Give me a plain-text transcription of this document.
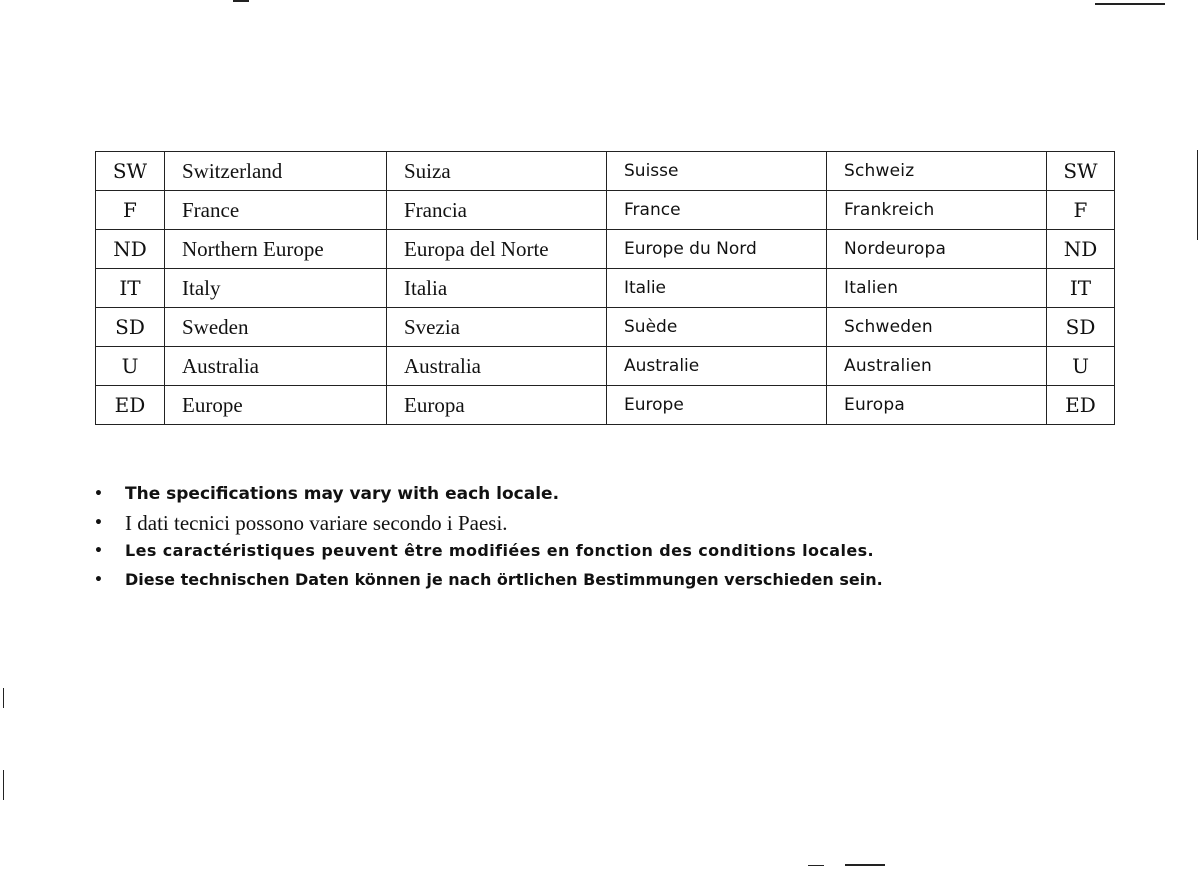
SW	Switzerland	Suiza	Suisse	Schweiz	SW
F	France	Francia	France	Frankreich	F
ND	Northern Europe	Europa del Norte	Europe du Nord	Nordeuropa	ND
IT	Italy	Italia	Italie	Italien	IT
SD	Sweden	Svezia	Suède	Schweden	SD
U	Australia	Australia	Australie	Australien	U
ED	Europe	Europa	Europe	Europa	ED
• The specifications may vary with each locale.
• I dati tecnici possono variare secondo i Paesi.
• Les caractéristiques peuvent être modifiées en fonction des conditions locales.
• Diese technischen Daten können je nach örtlichen Bestimmungen verschieden sein.
